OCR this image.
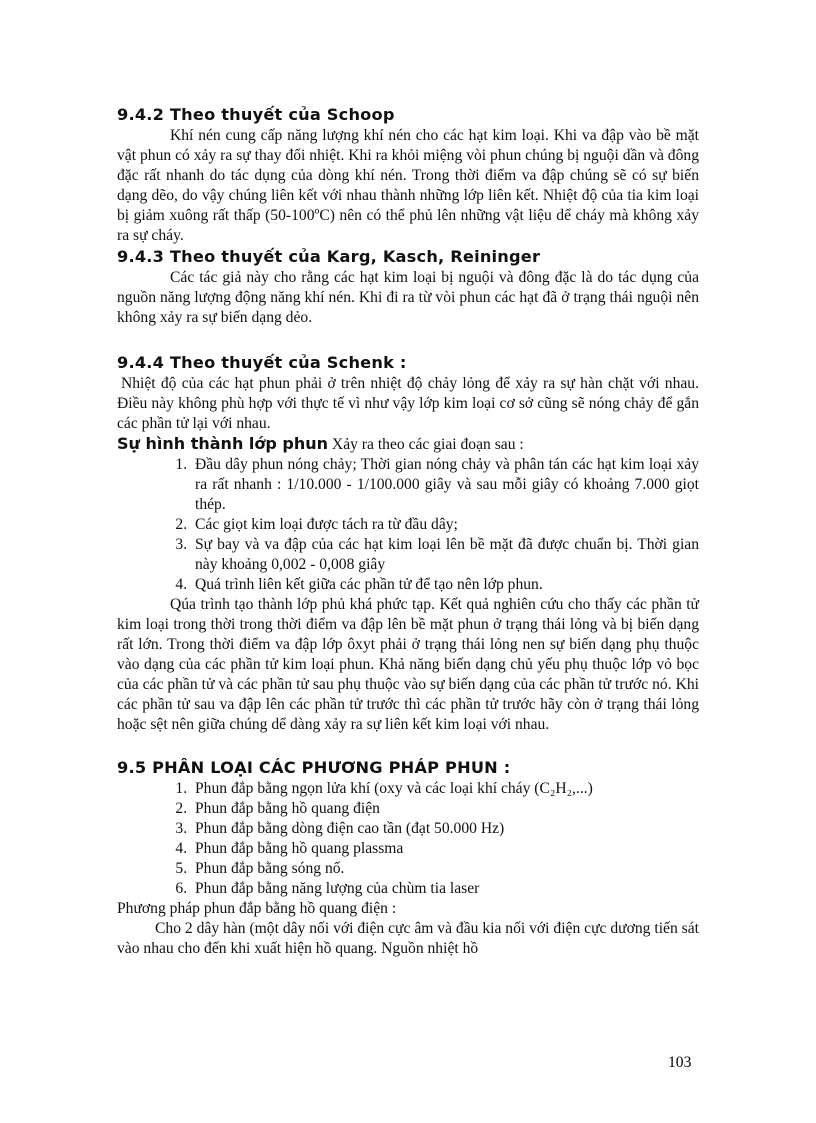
9.4.2 Theo thuyết của Schoop

Khí nén cung cấp năng lượng khí nén cho các hạt kim loại. Khi va đập vào bề mặt vật phun có xảy ra sự thay đổi nhiệt. Khi ra khỏi miệng vòi phun chúng bị nguội dần và đông đặc rất nhanh do tác dụng của dòng khí nén. Trong thời điểm va đập chúng sẽ có sự biến dạng dẽo, do vậy chúng liên kết với nhau thành những lớp liên kết. Nhiệt độ của tia kim loại bị giảm xuông rất thấp (50-100ºC) nên có thể phủ lên những vật liệu dể cháy mà không xảy ra sự cháy.

9.4.3 Theo thuyết của Karg, Kasch, Reininger

Các tác giả này cho rằng các hạt kim loại bị nguội và đông đặc là do tác dụng của nguồn năng lượng động năng khí nén. Khi đi ra từ vòi phun các hạt đã ở trạng thái nguội nên không xảy ra sự biến dạng dẻo.

9.4.4 Theo thuyết của Schenk :

Nhiệt độ của các hạt phun phải ở trên nhiệt độ chảy lỏng để xảy ra sự hàn chặt với nhau. Điều này không phù hợp với thực tế vì như vậy lớp kim loại cơ sở cũng sẽ nóng chảy để gắn các phần tử lại với nhau.

Sự hình thành lớp phun Xảy ra theo các giai đoạn sau :

1. Đầu dây phun nóng chảy; Thời gian nóng chảy và phân tán các hạt kim loại xảy ra rất nhanh : 1/10.000 - 1/100.000 giây và sau mỗi giây có khoảng 7.000 giọt thép.
2. Các giọt kim loại được tách ra từ đầu dây;
3. Sự bay và va đập của các hạt kim loại lên bề mặt đã được chuẩn bị. Thời gian này khoảng 0,002 - 0,008 giây
4. Quá trình liên kết giữa các phần tử để tạo nên lớp phun.

Qúa trình tạo thành lớp phủ khá phức tạp. Kết quả nghiên cứu cho thấy các phần tử kim loại trong thời trong thời điểm va đập lên bề mặt phun ở trạng thái lỏng và bị biến dạng rất lớn. Trong thời điểm va đập lớp ôxyt phải ở trạng thái lỏng nen sự biến dạng phụ thuộc vào dạng của các phần tử kim loại phun. Khả năng biến dạng chủ yếu phụ thuộc lớp vỏ bọc của các phần tử và các phần tử sau phụ thuộc vào sự biến dạng của các phần tử trước nó. Khi các phần tử sau va đập lên các phần tử trước thì các phần tử trước hãy còn ở trạng thái lỏng hoặc sệt nên giữa chúng dể dàng xảy ra sự liên kết kim loại với nhau.

9.5 PHÂN LOẠI CÁC PHƯƠNG PHÁP PHUN :
1. Phun đắp bằng ngọn lửa khí (oxy và các loại khí cháy (C₂H₂,...)
2. Phun đắp bằng hồ quang điện
3. Phun đắp bằng dòng điện cao tần (đạt 50.000 Hz)
4. Phun đắp bằng hồ quang plassma
5. Phun đắp bằng sóng nổ.
6. Phun đắp bằng năng lượng của chùm tia laser

Phương pháp phun đắp bằng hồ quang điện :

Cho 2 dây hàn (một dây nối với điện cực âm và đầu kia nối với điện cực dương tiến sát vào nhau cho đến khi xuất hiện hồ quang. Nguồn nhiệt hồ

103
